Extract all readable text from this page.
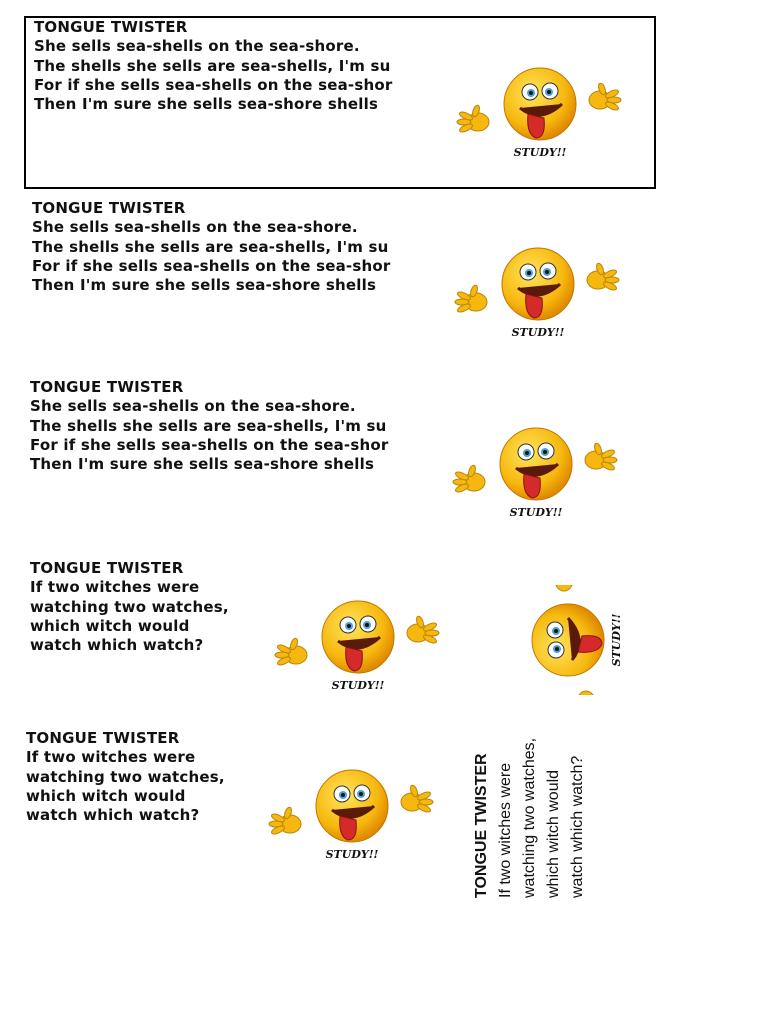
TONGUE TWISTER
She sells sea-shells on the sea-shore.
The shells she sells are sea-shells, I'm su
For if she sells sea-shells on the sea-shor
Then I'm sure she sells sea-shore shells
STUDY!!
TONGUE TWISTER
She sells sea-shells on the sea-shore.
The shells she sells are sea-shells, I'm su
For if she sells sea-shells on the sea-shor
Then I'm sure she sells sea-shore shells
STUDY!!
TONGUE TWISTER
She sells sea-shells on the sea-shore.
The shells she sells are sea-shells, I'm su
For if she sells sea-shells on the sea-shor
Then I'm sure she sells sea-shore shells
STUDY!!
TONGUE TWISTER
If two witches were
watching two watches,
which witch would
watch which watch?
STUDY!!
STUDY!!
TONGUE TWISTER
If two witches were
watching two watches,
which witch would
watch which watch?
STUDY!!	TONGUE TWISTER If two witches were watching two watches, which witch would watch which watch?
